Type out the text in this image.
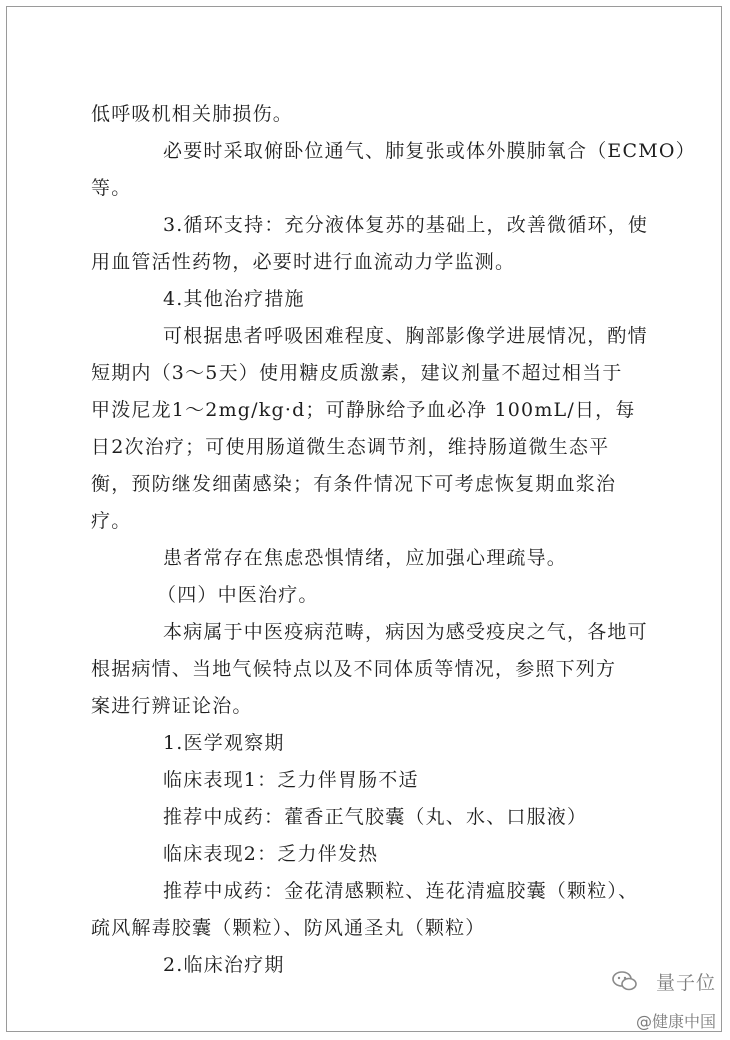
低呼吸机相关肺损伤。
必要时采取俯卧位通气、肺复张或体外膜肺氧合（ECMO）
等。
3.循环支持：充分液体复苏的基础上，改善微循环，使
用血管活性药物，必要时进行血流动力学监测。
4.其他治疗措施
可根据患者呼吸困难程度、胸部影像学进展情况，酌情
短期内（3～5天）使用糖皮质激素，建议剂量不超过相当于
甲泼尼龙1～2mg/kg·d；可静脉给予血必净 100mL/日，每
日2次治疗；可使用肠道微生态调节剂，维持肠道微生态平
衡，预防继发细菌感染；有条件情况下可考虑恢复期血浆治
疗。
患者常存在焦虑恐惧情绪，应加强心理疏导。
（四）中医治疗。
本病属于中医疫病范畴，病因为感受疫戾之气，各地可
根据病情、当地气候特点以及不同体质等情况，参照下列方
案进行辨证论治。
1.医学观察期
临床表现1：乏力伴胃肠不适
推荐中成药：藿香正气胶囊（丸、水、口服液）
临床表现2：乏力伴发热
推荐中成药：金花清感颗粒、连花清瘟胶囊（颗粒）、
疏风解毒胶囊（颗粒）、防风通圣丸（颗粒）
2.临床治疗期
量子位
@健康中国
